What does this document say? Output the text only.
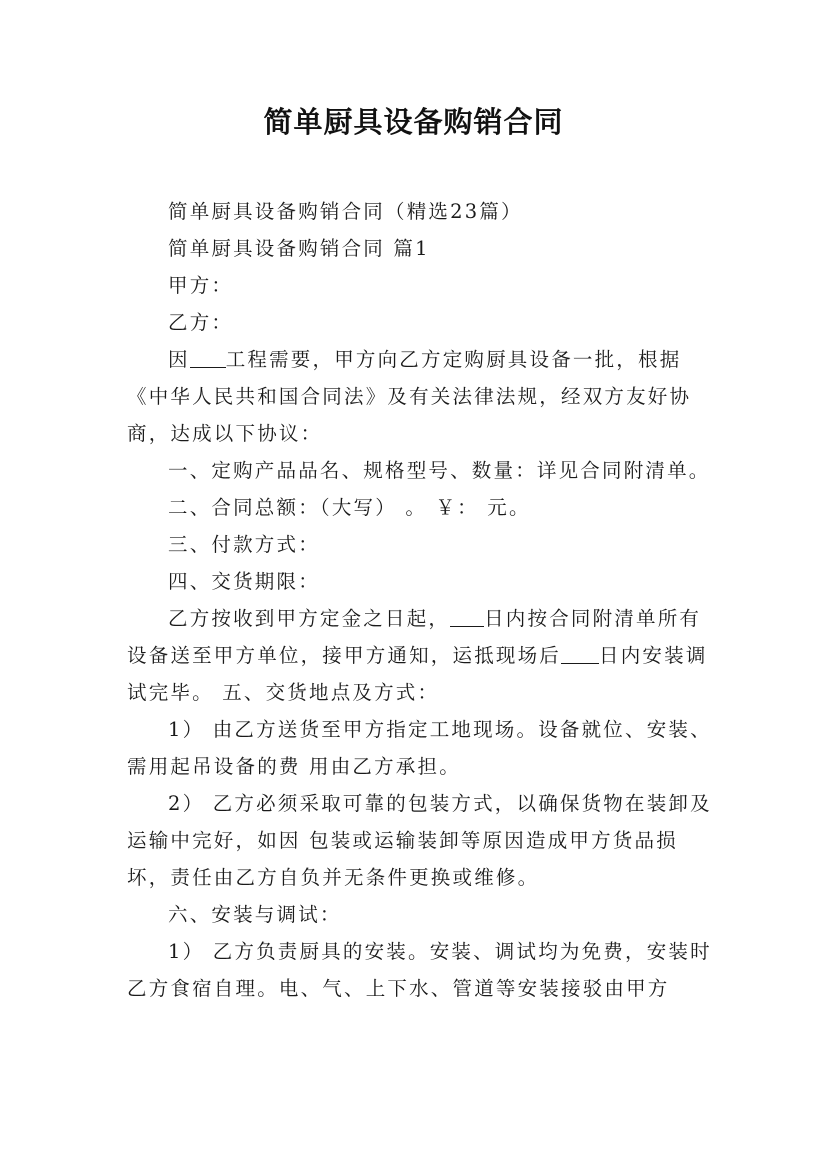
简单厨具设备购销合同

简单厨具设备购销合同（精选23篇）

简单厨具设备购销合同 篇1

甲方：

乙方：

因 工程需要，甲方向乙方定购厨具设备一批，根据《中华人民共和国合同法》及有关法律法规，经双方友好协商，达成以下协议：

一、定购产品品名、规格型号、数量：详见合同附清单。

二、合同总额：（大写） 。 ￥： 元。

三、付款方式：

四、交货期限：

乙方按收到甲方定金之日起， 日内按合同附清单所有设备送至甲方单位，接甲方通知，运抵现场后 日内安装调试完毕。 五、交货地点及方式：

1） 由乙方送货至甲方指定工地现场。设备就位、安装、需用起吊设备的费 用由乙方承担。

2） 乙方必须采取可靠的包装方式，以确保货物在装卸及运输中完好，如因 包装或运输装卸等原因造成甲方货品损坏，责任由乙方自负并无条件更换或维修。

六、安装与调试：

1） 乙方负责厨具的安装。安装、调试均为免费，安装时乙方食宿自理。电、气、上下水、管道等安装接驳由甲方
